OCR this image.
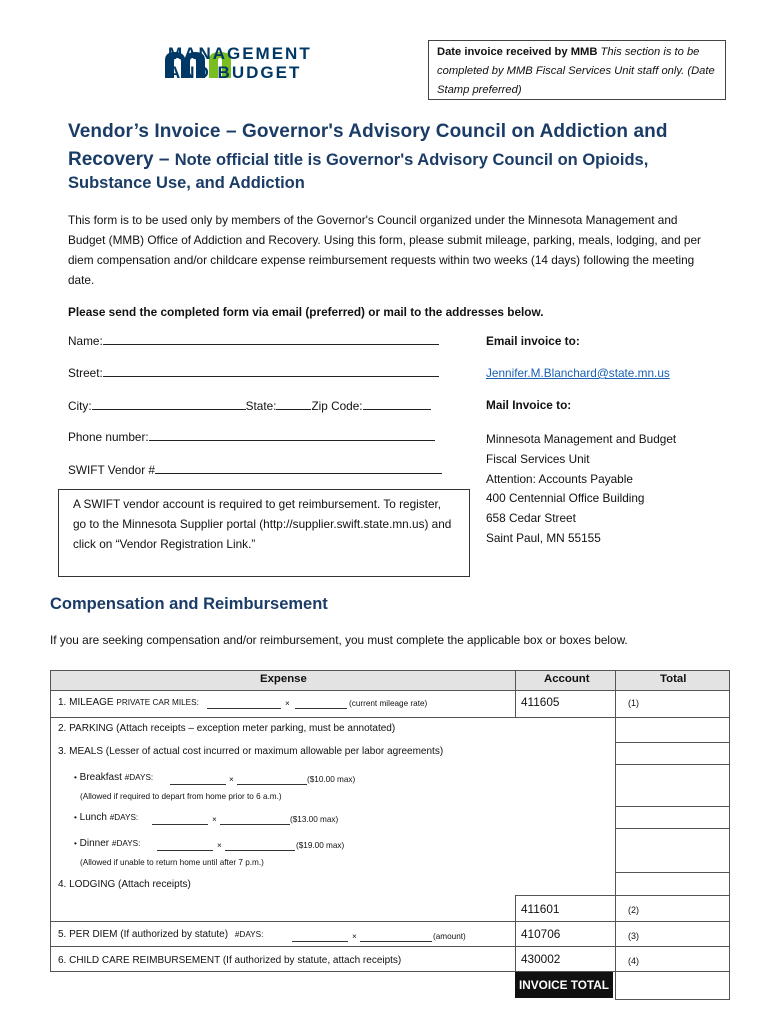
MANAGEMENT
AND BUDGET
Date invoice received by MMB This section is to be completed by MMB Fiscal Services Unit staff only. (Date Stamp preferred)
Vendor’s Invoice – Governor's Advisory Council on Addiction and
Recovery – Note official title is Governor's Advisory Council on Opioids,
Substance Use, and Addiction
This form is to be used only by members of the Governor's Council organized under the Minnesota Management and Budget (MMB) Office of Addiction and Recovery. Using this form, please submit mileage, parking, meals, lodging, and per diem compensation and/or childcare expense reimbursement requests within two weeks (14 days) following the meeting date.
Please send the completed form via email (preferred) or mail to the addresses below.
Name:
Street:
City:	State:	Zip Code:
Phone number:
SWIFT Vendor #
A SWIFT vendor account is required to get reimbursement. To register, go to the Minnesota Supplier portal (http://supplier.swift.state.mn.us) and click on “Vendor Registration Link.”
Email invoice to:
Jennifer.M.Blanchard@state.mn.us
Mail Invoice to:
Minnesota Management and Budget
Fiscal Services Unit
Attention: Accounts Payable
400 Centennial Office Building
658 Cedar Street
Saint Paul, MN 55155
Compensation and Reimbursement
If you are seeking compensation and/or reimbursement, you must complete the applicable box or boxes below.
Expense	Account	Total
1. MILEAGE PRIVATE CAR MILES:	×	(current mileage rate)	411605	(1)
2. PARKING (Attach receipts – exception meter parking, must be annotated)
3. MEALS (Lesser of actual cost incurred or maximum allowable per labor agreements)
• Breakfast #DAYS:	×	($10.00 max)
(Allowed if required to depart from home prior to 6 a.m.)
• Lunch #DAYS:	×	($13.00 max)
• Dinner #DAYS:	×	($19.00 max)
(Allowed if unable to return home until after 7 p.m.)
4. LODGING (Attach receipts)
411601	(2)
5. PER DIEM (If authorized by statute) #DAYS:	×	(amount)	410706	(3)
6. CHILD CARE REIMBURSEMENT (If authorized by statute, attach receipts)	430002	(4)
INVOICE TOTAL
